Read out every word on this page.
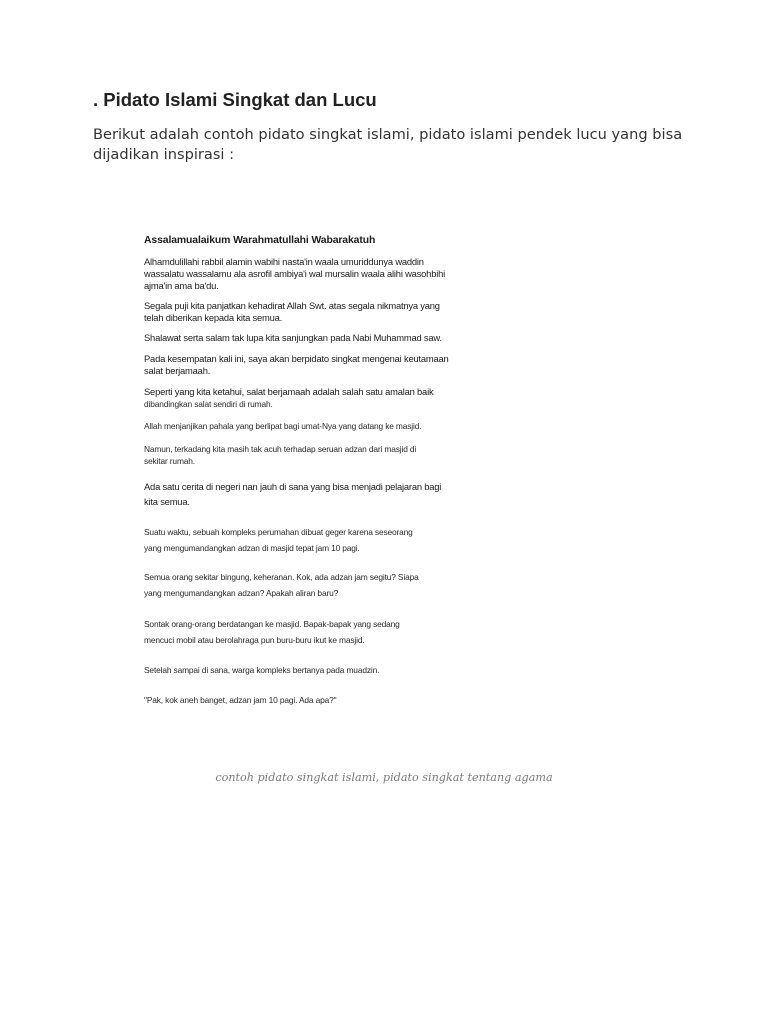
. Pidato Islami Singkat dan Lucu
Berikut adalah contoh pidato singkat islami, pidato islami pendek lucu yang bisa dijadikan inspirasi :
Assalamualaikum Warahmatullahi Wabarakatuh
Alhamdulillahi rabbil alamin wabihi nasta'in waala umuriddunya waddin
wassalatu wassalamu ala asrofil ambiya'i wal mursalin waala alihi wasohbihi
ajma'in ama ba'du.
Segala puji kita panjatkan kehadirat Allah Swt. atas segala nikmatnya yang
telah diberikan kepada kita semua.
Shalawat serta salam tak lupa kita sanjungkan pada Nabi Muhammad saw.
Pada kesempatan kali ini, saya akan berpidato singkat mengenai keutamaan
salat berjamaah.
Seperti yang kita ketahui, salat berjamaah adalah salah satu amalan baik
dibandingkan salat sendiri di rumah.
Allah menjanjikan pahala yang berlipat bagi umat-Nya yang datang ke masjid.
Namun, terkadang kita masih tak acuh terhadap seruan adzan dari masjid di
sekitar rumah.
Ada satu cerita di negeri nan jauh di sana yang bisa menjadi pelajaran bagi
kita semua.
Suatu waktu, sebuah kompleks perumahan dibuat geger karena seseorang
yang mengumandangkan adzan di masjid tepat jam 10 pagi.
Semua orang sekitar bingung, keheranan. Kok, ada adzan jam segitu? Siapa
yang mengumandangkan adzan? Apakah aliran baru?
Sontak orang-orang berdatangan ke masjid. Bapak-bapak yang sedang
mencuci mobil atau berolahraga pun buru-buru ikut ke masjid.
Setelah sampai di sana, warga kompleks bertanya pada muadzin.
"Pak, kok aneh banget, adzan jam 10 pagi. Ada apa?"
contoh pidato singkat islami, pidato singkat tentang agama
